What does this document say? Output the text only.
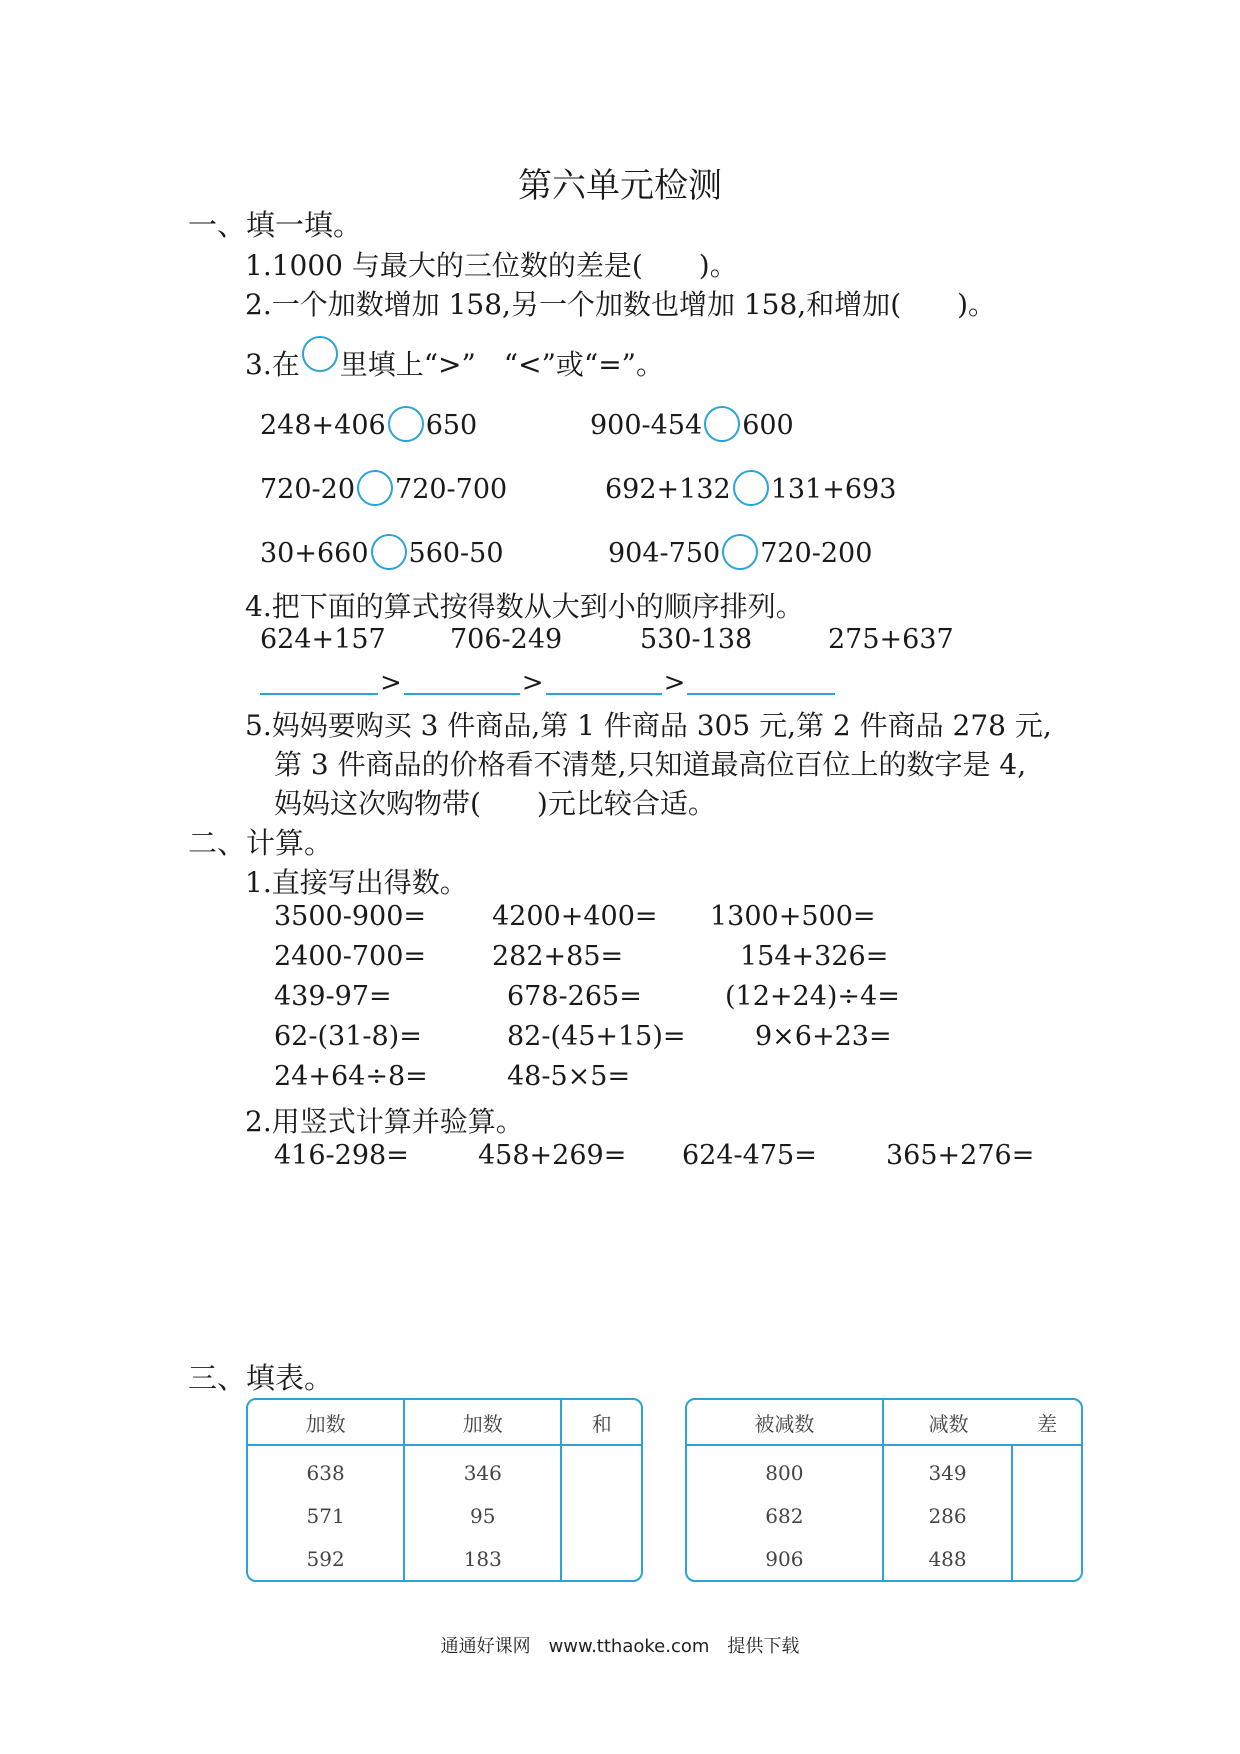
第六单元检测
一、填一填。
1.1000 与最大的三位数的差是(　　)。
2.一个加数增加 158,另一个加数也增加 158,和增加(　　)。
3.在 里填上“>”　“<”或“=”。
248+406 650	900-454 600
720-20 720-700	692+132 131+693
30+660 560-50	904-750 720-200
4.把下面的算式按得数从大到小的顺序排列。
624+157 706-249	530-138	275+637
>	>	>
5.妈妈要购买 3 件商品,第 1 件商品 305 元,第 2 件商品 278 元,
第 3 件商品的价格看不清楚,只知道最高位百位上的数字是 4,
妈妈这次购物带(　　)元比较合适。
二、计算。
1.直接写出得数。
3500-900= 4200+400= 1300+500=
2400-700= 282+85=	154+326=
439-97=	678-265=	(12+24)÷4=
62-(31-8)=	82-(45+15)=	9×6+23=
24+64÷8=	48-5×5=
2.用竖式计算并验算。
416-298=	458+269= 624-475=	365+276=
三、填表。
加数	加数	和
638	346	
571	95	
592	183	
被减数	减数	差
800	349	
682	286	
906	488	
通通好课网　www.tthaoke.com　提供下载
